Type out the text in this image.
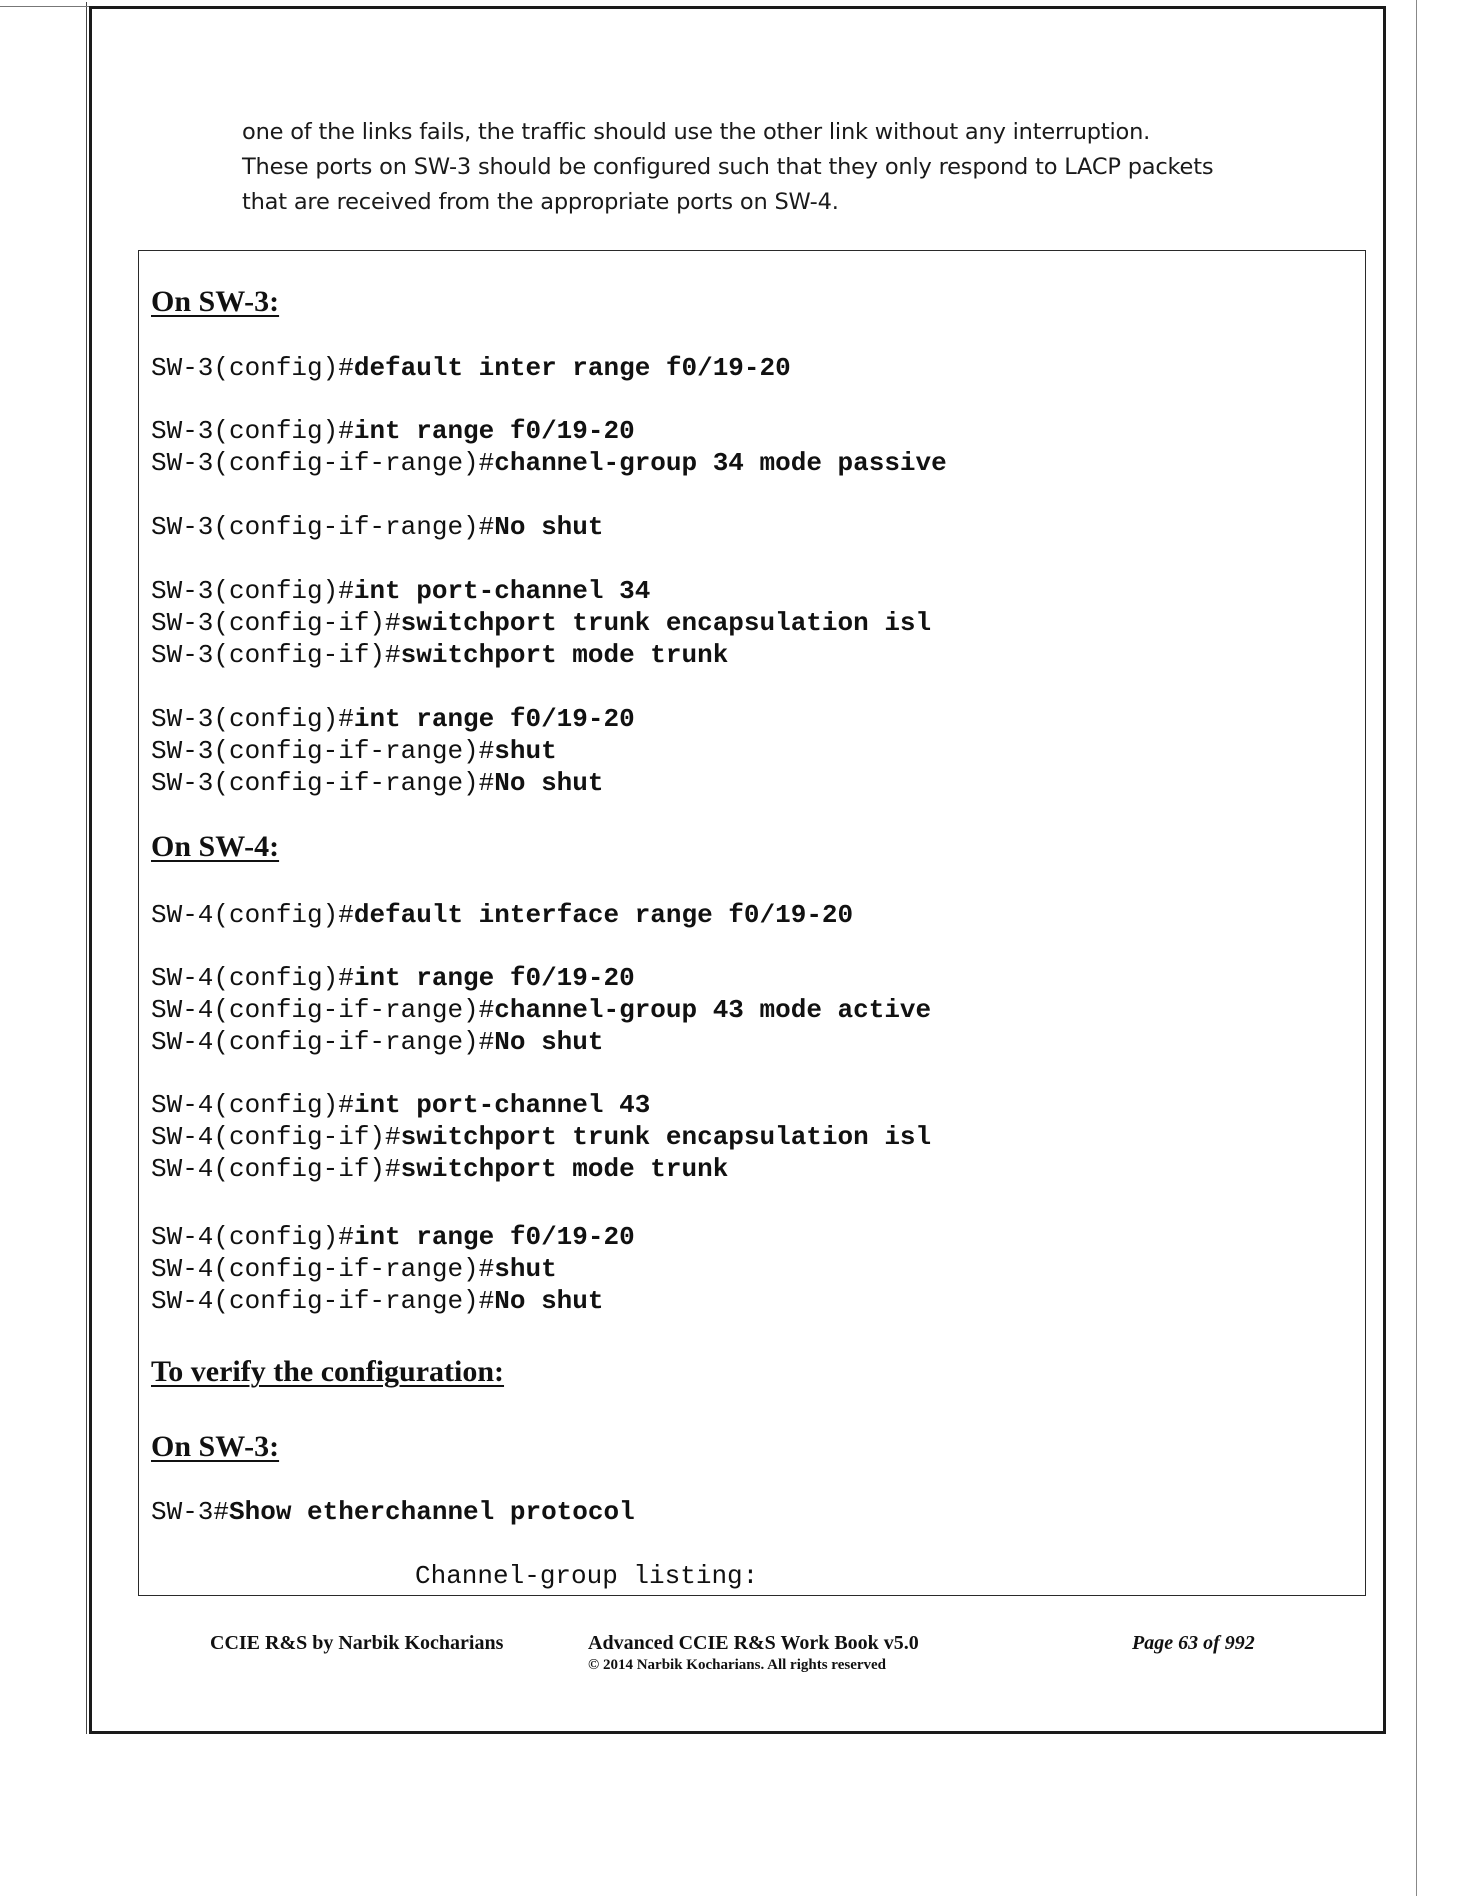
one of the links fails, the traffic should use the other link without any interruption.

These ports on SW-3 should be configured such that they only respond to LACP packets

that are received from the appropriate ports on SW-4.

On SW-3:
SW-3(config)#default inter range f0/19-20
SW-3(config)#int range f0/19-20
SW-3(config-if-range)#channel-group 34 mode passive
SW-3(config-if-range)#No shut
SW-3(config)#int port-channel 34
SW-3(config-if)#switchport trunk encapsulation isl
SW-3(config-if)#switchport mode trunk
SW-3(config)#int range f0/19-20
SW-3(config-if-range)#shut
SW-3(config-if-range)#No shut
On SW-4:
SW-4(config)#default interface range f0/19-20
SW-4(config)#int range f0/19-20
SW-4(config-if-range)#channel-group 43 mode active
SW-4(config-if-range)#No shut
SW-4(config)#int port-channel 43
SW-4(config-if)#switchport trunk encapsulation isl
SW-4(config-if)#switchport mode trunk
SW-4(config)#int range f0/19-20
SW-4(config-if-range)#shut
SW-4(config-if-range)#No shut
To verify the configuration:
On SW-3:
SW-3#Show etherchannel protocol
Channel-group listing:
CCIE R&S by Narbik Kocharians	Advanced CCIE R&S Work Book v5.0
© 2014 Narbik Kocharians. All rights reserved
Page 63 of 992
